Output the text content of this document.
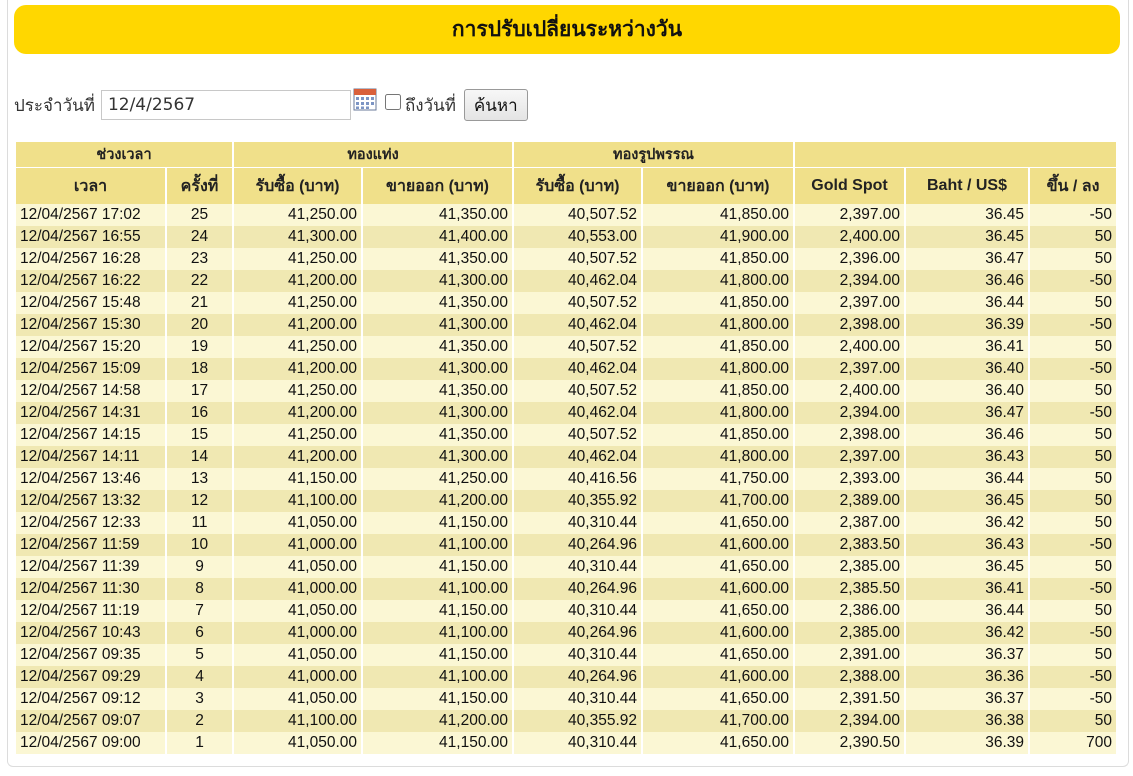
การปรับเปลี่ยนระหว่างวัน
ประจำวันที่
12/4/2567	ถึงวันที่	ค้นหา
ช่วงเวลา		ทองแท่ง		ทองรูปพรรณ				
เวลา	ครั้งที่	รับซื้อ (บาท)	ขายออก (บาท)	รับซื้อ (บาท)	ขายออก (บาท)	Gold Spot	Baht / US$	ขึ้น / ลง
12/04/2567 17:02	25	41,250.00	41,350.00	40,507.52	41,850.00	2,397.00	36.45	-50
12/04/2567 16:55	24	41,300.00	41,400.00	40,553.00	41,900.00	2,400.00	36.45	50
12/04/2567 16:28	23	41,250.00	41,350.00	40,507.52	41,850.00	2,396.00	36.47	50
12/04/2567 16:22	22	41,200.00	41,300.00	40,462.04	41,800.00	2,394.00	36.46	-50
12/04/2567 15:48	21	41,250.00	41,350.00	40,507.52	41,850.00	2,397.00	36.44	50
12/04/2567 15:30	20	41,200.00	41,300.00	40,462.04	41,800.00	2,398.00	36.39	-50
12/04/2567 15:20	19	41,250.00	41,350.00	40,507.52	41,850.00	2,400.00	36.41	50
12/04/2567 15:09	18	41,200.00	41,300.00	40,462.04	41,800.00	2,397.00	36.40	-50
12/04/2567 14:58	17	41,250.00	41,350.00	40,507.52	41,850.00	2,400.00	36.40	50
12/04/2567 14:31	16	41,200.00	41,300.00	40,462.04	41,800.00	2,394.00	36.47	-50
12/04/2567 14:15	15	41,250.00	41,350.00	40,507.52	41,850.00	2,398.00	36.46	50
12/04/2567 14:11	14	41,200.00	41,300.00	40,462.04	41,800.00	2,397.00	36.43	50
12/04/2567 13:46	13	41,150.00	41,250.00	40,416.56	41,750.00	2,393.00	36.44	50
12/04/2567 13:32	12	41,100.00	41,200.00	40,355.92	41,700.00	2,389.00	36.45	50
12/04/2567 12:33	11	41,050.00	41,150.00	40,310.44	41,650.00	2,387.00	36.42	50
12/04/2567 11:59	10	41,000.00	41,100.00	40,264.96	41,600.00	2,383.50	36.43	-50
12/04/2567 11:39	9	41,050.00	41,150.00	40,310.44	41,650.00	2,385.00	36.45	50
12/04/2567 11:30	8	41,000.00	41,100.00	40,264.96	41,600.00	2,385.50	36.41	-50
12/04/2567 11:19	7	41,050.00	41,150.00	40,310.44	41,650.00	2,386.00	36.44	50
12/04/2567 10:43	6	41,000.00	41,100.00	40,264.96	41,600.00	2,385.00	36.42	-50
12/04/2567 09:35	5	41,050.00	41,150.00	40,310.44	41,650.00	2,391.00	36.37	50
12/04/2567 09:29	4	41,000.00	41,100.00	40,264.96	41,600.00	2,388.00	36.36	-50
12/04/2567 09:12	3	41,050.00	41,150.00	40,310.44	41,650.00	2,391.50	36.37	-50
12/04/2567 09:07	2	41,100.00	41,200.00	40,355.92	41,700.00	2,394.00	36.38	50
12/04/2567 09:00	1	41,050.00	41,150.00	40,310.44	41,650.00	2,390.50	36.39	700
